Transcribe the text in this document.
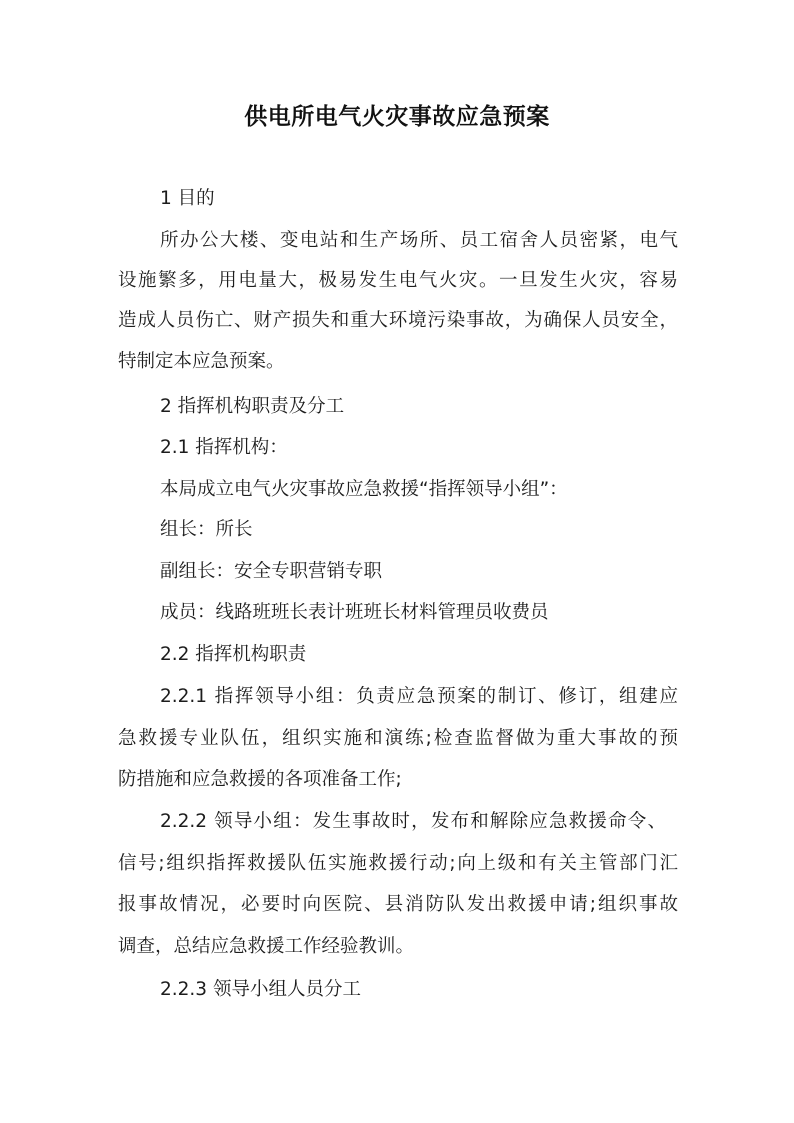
供电所电气火灾事故应急预案
1 目的
所办公大楼、变电站和生产场所、员工宿舍人员密紧，电气
设施繁多，用电量大，极易发生电气火灾。一旦发生火灾，容易
造成人员伤亡、财产损失和重大环境污染事故，为确保人员安全，
特制定本应急预案。
2 指挥机构职责及分工
2.1 指挥机构：
本局成立电气火灾事故应急救援“指挥领导小组”：
组长：所长
副组长：安全专职营销专职
成员：线路班班长表计班班长材料管理员收费员
2.2 指挥机构职责
2.2.1 指挥领导小组：负责应急预案的制订、修订，组建应
急救援专业队伍，组织实施和演练;检查监督做为重大事故的预
防措施和应急救援的各项准备工作;
2.2.2 领导小组：发生事故时，发布和解除应急救援命令、
信号;组织指挥救援队伍实施救援行动;向上级和有关主管部门汇
报事故情况，必要时向医院、县消防队发出救援申请;组织事故
调查，总结应急救援工作经验教训。
2.2.3 领导小组人员分工
